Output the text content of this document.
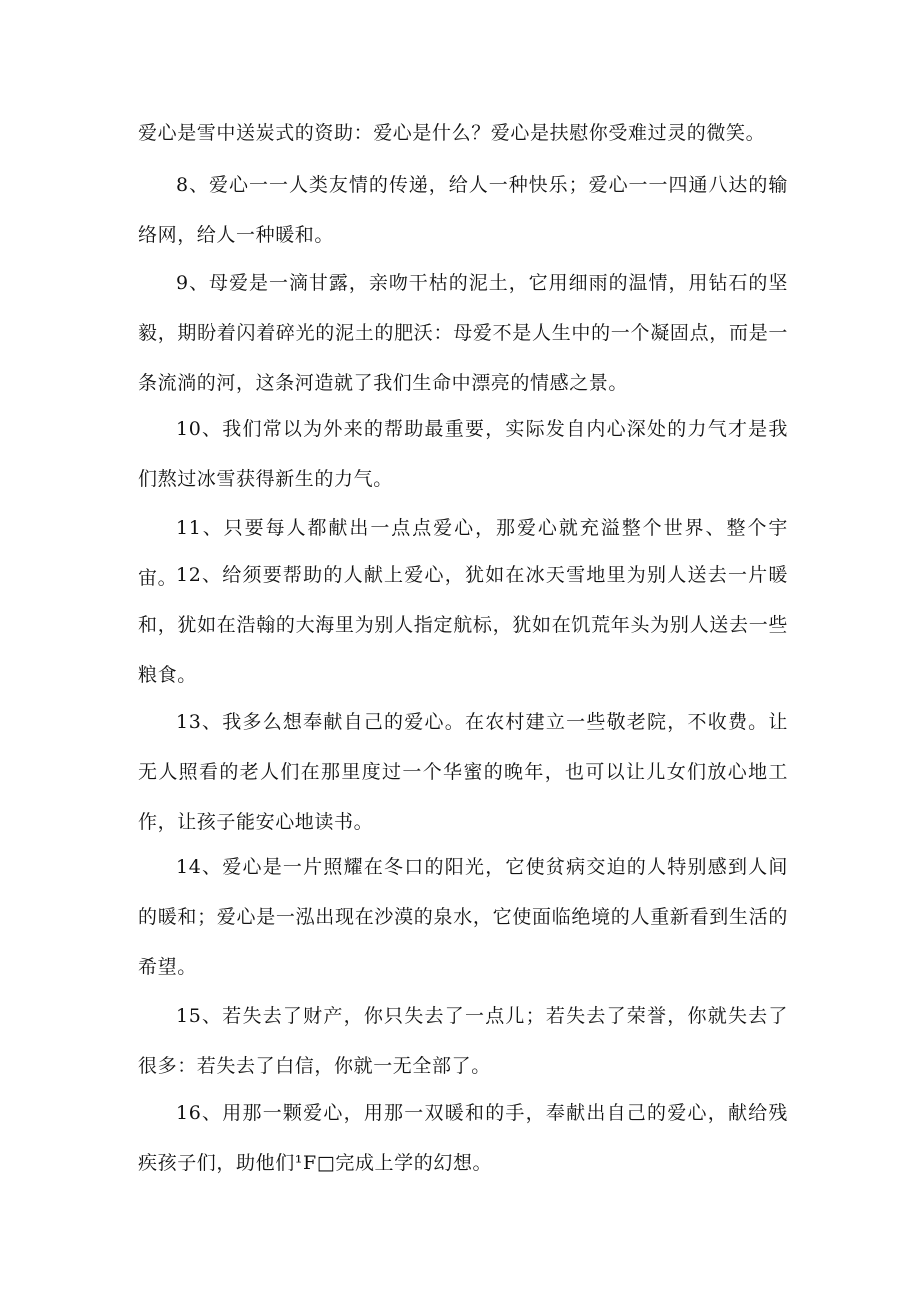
爱心是雪中送炭式的资助：爱心是什么？爱心是扶慰你受难过灵的微笑。

8、爱心一一人类友情的传递，给人一种快乐；爱心一一四通八达的输络网，给人一种暖和。

9、母爱是一滴甘露，亲吻干枯的泥土，它用细雨的温情，用钻石的坚毅，期盼着闪着碎光的泥土的肥沃：母爱不是人生中的一个凝固点，而是一条流淌的河，这条河造就了我们生命中漂亮的情感之景。

10、我们常以为外来的帮助最重要，实际发自内心深处的力气才是我们熬过冰雪获得新生的力气。

11、只要每人都献出一点点爱心，那爱心就充溢整个世界、整个宇宙。

12、给须要帮助的人献上爱心，犹如在冰天雪地里为别人送去一片暖和，犹如在浩翰的大海里为别人指定航标，犹如在饥荒年头为别人送去一些粮食。

13、我多么想奉献自己的爱心。在农村建立一些敬老院，不收费。让无人照看的老人们在那里度过一个华蜜的晚年，也可以让儿女们放心地工作，让孩子能安心地读书。

14、爱心是一片照耀在冬口的阳光，它使贫病交迫的人特别感到人间的暖和；爱心是一泓出现在沙漠的泉水，它使面临绝境的人重新看到生活的希望。

15、若失去了财产，你只失去了一点儿；若失去了荣誉，你就失去了很多：若失去了白信，你就一无全部了。

16、用那一颗爱心，用那一双暖和的手，奉献出自己的爱心，献给残疾孩子们，助他们¹F□完成上学的幻想。
